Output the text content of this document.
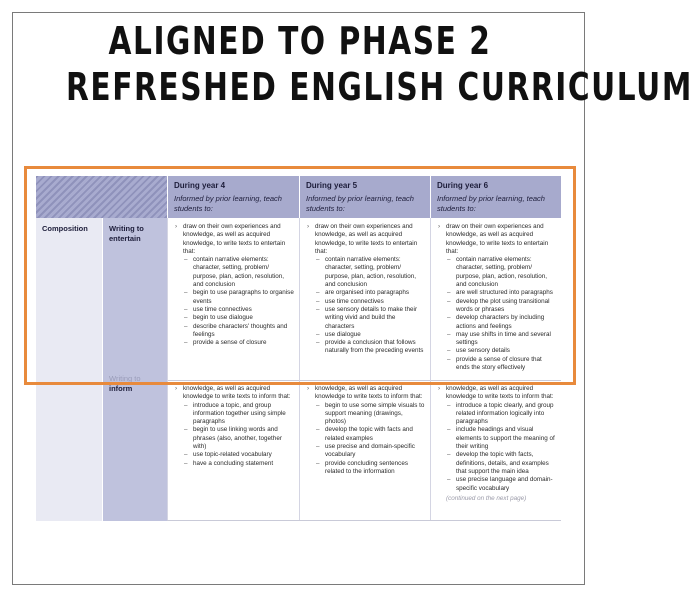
ALIGNED TO PHASE 2
REFRESHED ENGLISH CURRICULUM
During year 4
Informed by prior learning, teach students to:
During year 5
Informed by prior learning, teach students to:
During year 6
Informed by prior learning, teach students to:
Composition	Writing to entertain
Writing to
inform
› draw on their own experiences and knowledge, as well as acquired knowledge, to write texts to entertain that:
– contain narrative elements: character, setting, problem/ purpose, plan, action, resolution, and conclusion
– begin to use paragraphs to organise events
– use time connectives
– begin to use dialogue
– describe characters' thoughts and feelings
– provide a sense of closure
› draw on their own experiences and knowledge, as well as acquired knowledge, to write texts to entertain that:
– contain narrative elements: character, setting, problem/ purpose, plan, action, resolution, and conclusion
– are organised into paragraphs
– use time connectives
– use sensory details to make their writing vivid and build the characters
– use dialogue
– provide a conclusion that follows naturally from the preceding events
› draw on their own experiences and knowledge, as well as acquired knowledge, to write texts to entertain that:
– contain narrative elements: character, setting, problem/ purpose, plan, action, resolution, and conclusion
– are well structured into paragraphs
– develop the plot using transitional words or phrases
– develop characters by including actions and feelings
– may use shifts in time and several settings
– use sensory details
– provide a sense of closure that ends the story effectively
› knowledge, as well as acquired knowledge to write texts to inform that:
– introduce a topic, and group information together using simple paragraphs
– begin to use linking words and phrases (also, another, together with)
– use topic-related vocabulary
– have a concluding statement
› knowledge, as well as acquired knowledge to write texts to inform that:
– begin to use some simple visuals to support meaning (drawings, photos)
– develop the topic with facts and related examples
– use precise and domain-specific vocabulary
– provide concluding sentences related to the information
› knowledge, as well as acquired knowledge to write texts to inform that:
– introduce a topic clearly, and group related information logically into paragraphs
– include headings and visual elements to support the meaning of their writing
– develop the topic with facts, definitions, details, and examples that support the main idea
– use precise language and domain-specific vocabulary
(continued on the next page)
